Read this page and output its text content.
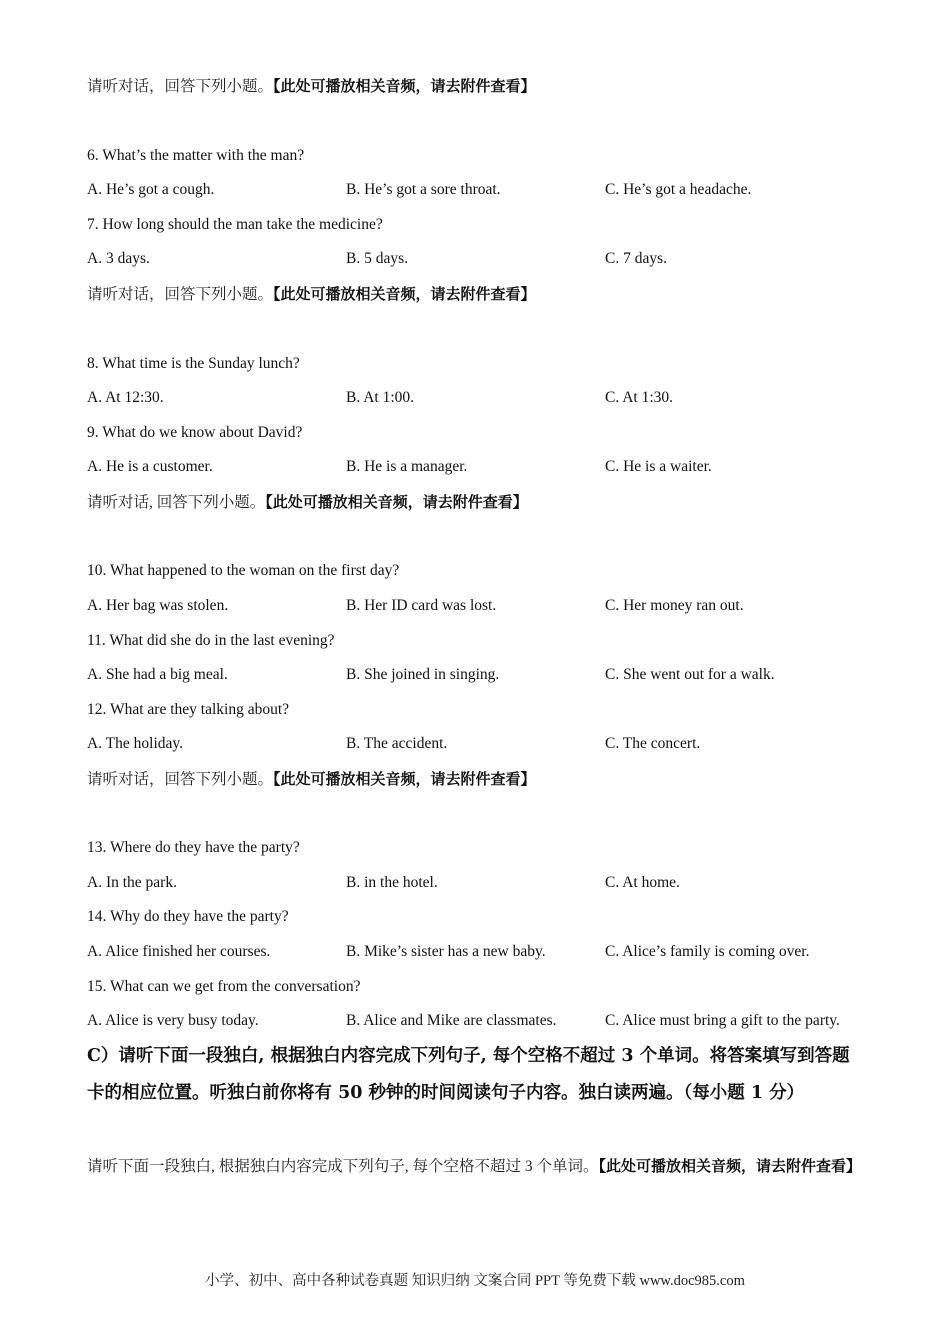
请听对话，回答下列小题。【此处可播放相关音频，请去附件查看】
6. What’s the matter with the man?
A. He’s got a cough.	B. He’s got a sore throat.	C. He’s got a headache.
7. How long should the man take the medicine?
A. 3 days.	B. 5 days.	C. 7 days.
请听对话，回答下列小题。【此处可播放相关音频，请去附件查看】
8. What time is the Sunday lunch?
A. At 12:30.	B. At 1:00.	C. At 1:30.
9. What do we know about David?
A. He is a customer.	B. He is a manager.	C. He is a waiter.
请听对话, 回答下列小题。【此处可播放相关音频，请去附件查看】
10. What happened to the woman on the first day?
A. Her bag was stolen.	B. Her ID card was lost.	C. Her money ran out.
11. What did she do in the last evening?
A. She had a big meal.	B. She joined in singing.	C. She went out for a walk.
12. What are they talking about?
A. The holiday.	B. The accident.	C. The concert.
请听对话，回答下列小题。【此处可播放相关音频，请去附件查看】
13. Where do they have the party?
A. In the park.	B. in the hotel.	C. At home.
14. Why do they have the party?
A. Alice finished her courses.	B. Mike’s sister has a new baby.	C. Alice’s family is coming over.
15. What can we get from the conversation?
A. Alice is very busy today.	B. Alice and Mike are classmates.	C. Alice must bring a gift to the party.
C）请听下面一段独白, 根据独白内容完成下列句子, 每个空格不超过 3 个单词。将答案填写到答题卡的相应位置。听独白前你将有 50 秒钟的时间阅读句子内容。独白读两遍。（每小题 1 分）
请听下面一段独白, 根据独白内容完成下列句子, 每个空格不超过 3 个单词。【此处可播放相关音频，请去附件查看】
小学、初中、高中各种试卷真题 知识归纳 文案合同 PPT 等免费下载 www.doc985.com
